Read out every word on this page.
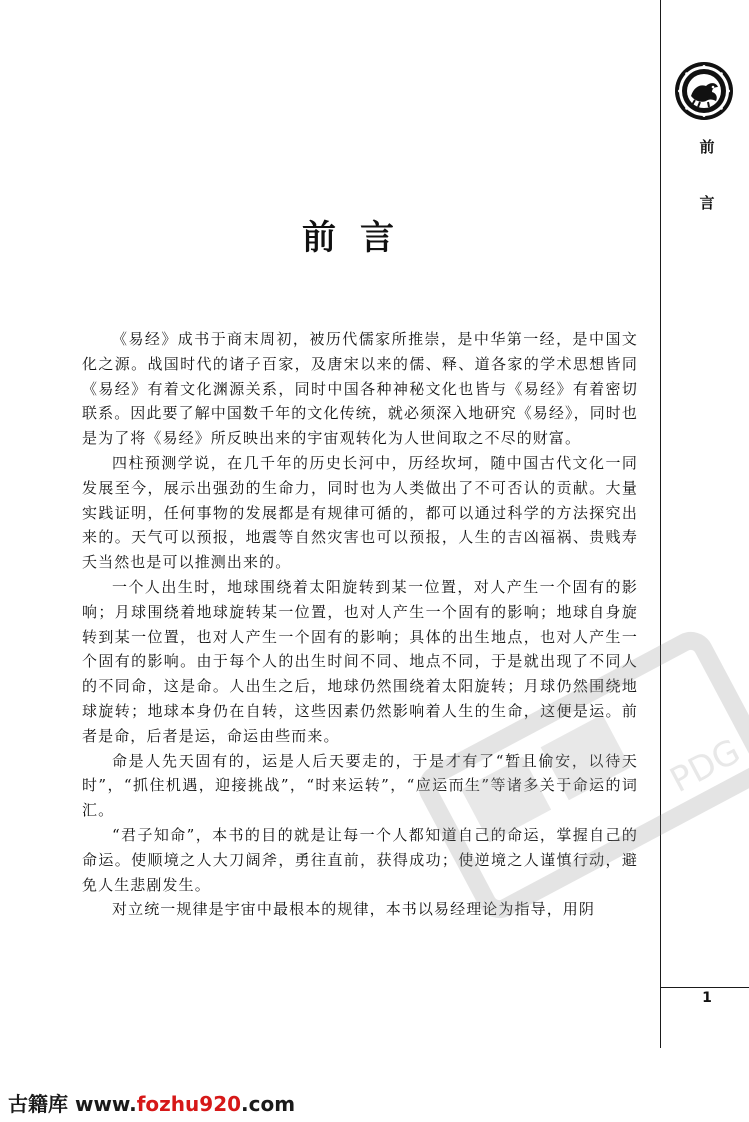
前
言
1
前言

《易经》成书于商末周初，被历代儒家所推崇，是中华第一经，是中国文化之源。战国时代的诸子百家，及唐宋以来的儒、释、道各家的学术思想皆同《易经》有着文化渊源关系，同时中国各种神秘文化也皆与《易经》有着密切联系。因此要了解中国数千年的文化传统，就必须深入地研究《易经》，同时也是为了将《易经》所反映出来的宇宙观转化为人世间取之不尽的财富。

四柱预测学说，在几千年的历史长河中，历经坎坷，随中国古代文化一同发展至今，展示出强劲的生命力，同时也为人类做出了不可否认的贡献。大量实践证明，任何事物的发展都是有规律可循的，都可以通过科学的方法探究出来的。天气可以预报，地震等自然灾害也可以预报，人生的吉凶福祸、贵贱寿夭当然也是可以推测出来的。

一个人出生时，地球围绕着太阳旋转到某一位置，对人产生一个固有的影响；月球围绕着地球旋转某一位置，也对人产生一个固有的影响；地球自身旋转到某一位置，也对人产生一个固有的影响；具体的出生地点，也对人产生一个固有的影响。由于每个人的出生时间不同、地点不同，于是就出现了不同人的不同命，这是命。人出生之后，地球仍然围绕着太阳旋转；月球仍然围绕地球旋转；地球本身仍在自转，这些因素仍然影响着人生的生命，这便是运。前者是命，后者是运，命运由些而来。

命是人先天固有的，运是人后天要走的，于是才有了“暂且偷安，以待天时”，“抓住机遇，迎接挑战”，“时来运转”，“应运而生”等诸多关于命运的词汇。

“君子知命”，本书的目的就是让每一个人都知道自己的命运，掌握自己的命运。使顺境之人大刀阔斧，勇往直前，获得成功；使逆境之人谨慎行动，避免人生悲剧发生。

对立统一规律是宇宙中最根本的规律，本书以易经理论为指导，用阴

PDG
古籍库 www.fozhu920.com
